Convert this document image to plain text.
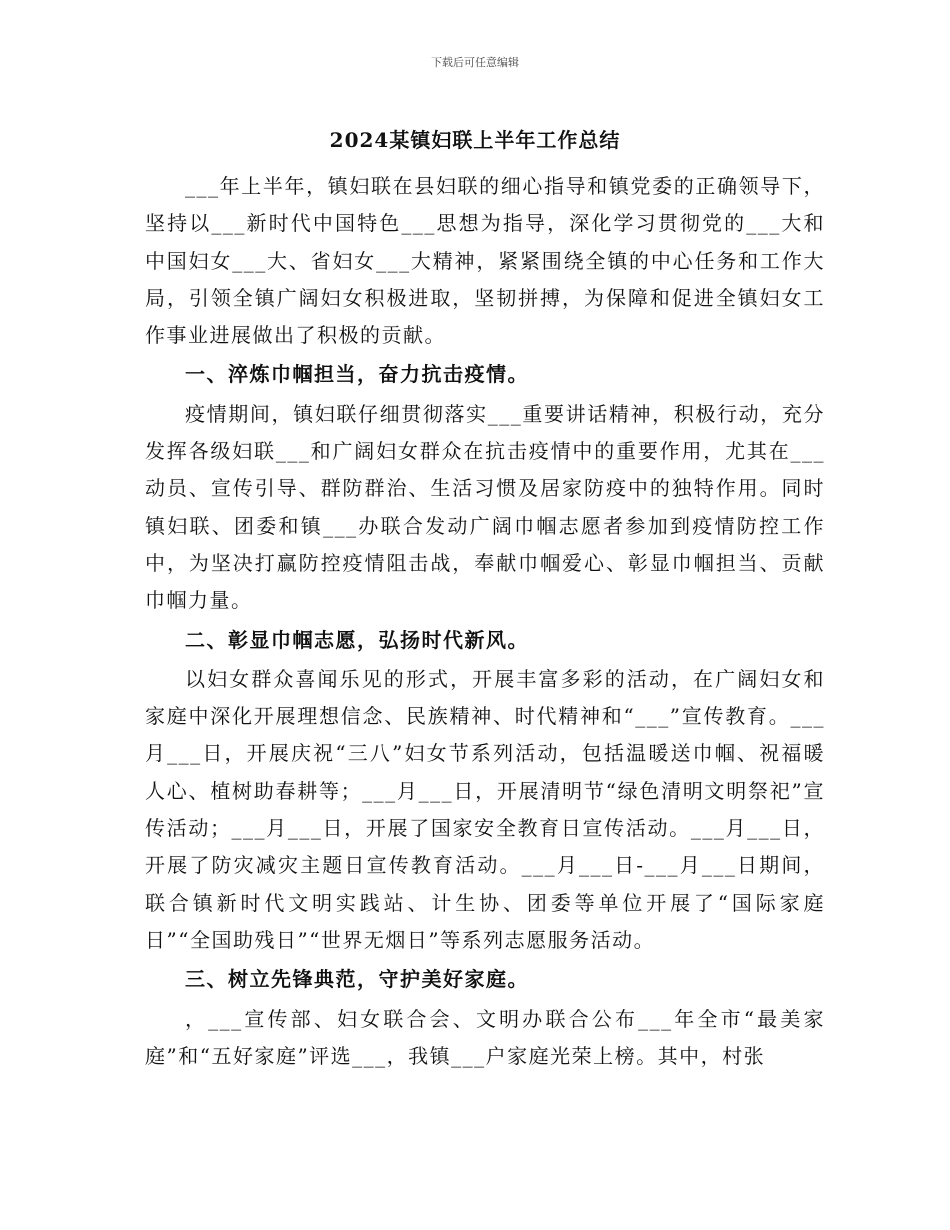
下载后可任意编辑
2024某镇妇联上半年工作总结

___年上半年，镇妇联在县妇联的细心指导和镇党委的正确领导下，坚持以___新时代中国特色___思想为指导，深化学习贯彻党的___大和中国妇女___大、省妇女___大精神，紧紧围绕全镇的中心任务和工作大局，引领全镇广阔妇女积极进取，坚韧拼搏，为保障和促进全镇妇女工作事业进展做出了积极的贡献。

一、淬炼巾帼担当，奋力抗击疫情。

疫情期间，镇妇联仔细贯彻落实___重要讲话精神，积极行动，充分发挥各级妇联___和广阔妇女群众在抗击疫情中的重要作用，尤其在___动员、宣传引导、群防群治、生活习惯及居家防疫中的独特作用。同时镇妇联、团委和镇___办联合发动广阔巾帼志愿者参加到疫情防控工作中，为坚决打赢防控疫情阻击战，奉献巾帼爱心、彰显巾帼担当、贡献巾帼力量。

二、彰显巾帼志愿，弘扬时代新风。

以妇女群众喜闻乐见的形式，开展丰富多彩的活动，在广阔妇女和家庭中深化开展理想信念、民族精神、时代精神和“___”宣传教育。___月___日，开展庆祝“三八”妇女节系列活动，包括温暖送巾帼、祝福暖人心、植树助春耕等；___月___日，开展清明节“绿色清明文明祭祀”宣传活动；___月___日，开展了国家安全教育日宣传活动。___月___日，开展了防灾减灾主题日宣传教育活动。___月___日-___月___日期间，联合镇新时代文明实践站、计生协、团委等单位开展了“国际家庭日”“全国助残日”“世界无烟日”等系列志愿服务活动。

三、树立先锋典范，守护美好家庭。

，___宣传部、妇女联合会、文明办联合公布___年全市“最美家庭”和“五好家庭”评选___，我镇___户家庭光荣上榜。其中，村张
